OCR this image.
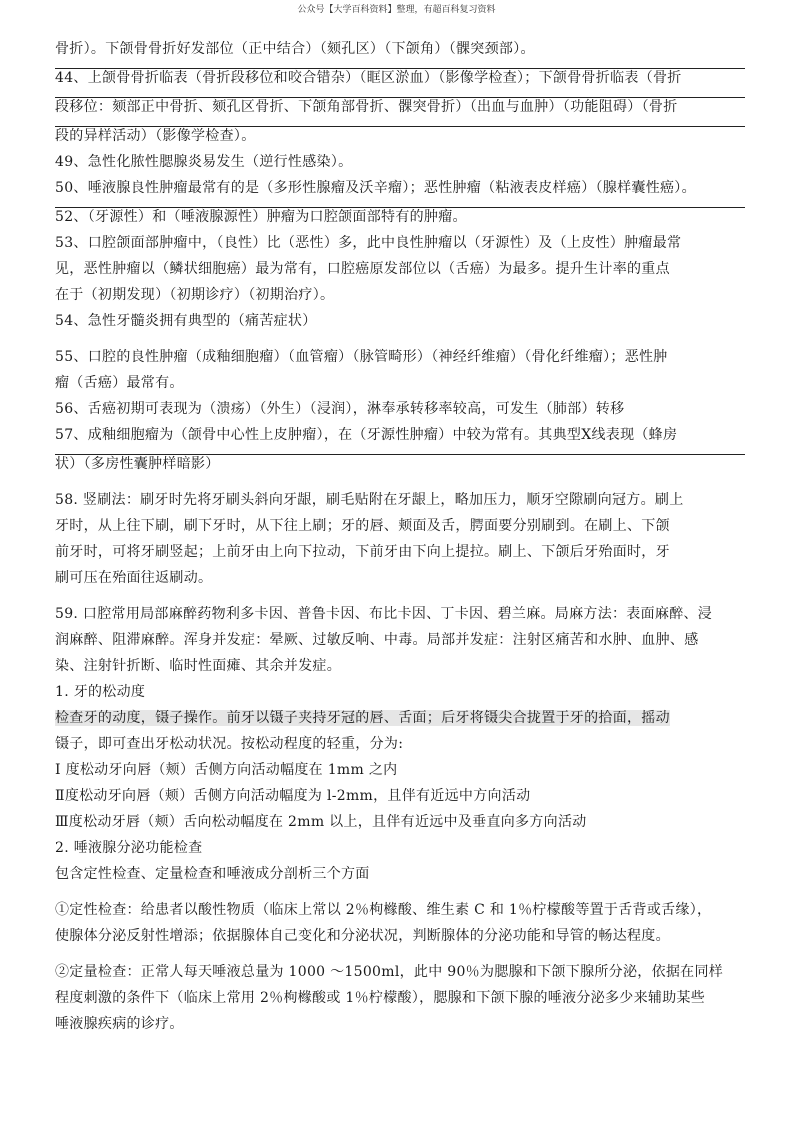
公众号【大学百科资料】整理，有超百科复习资料
骨折）。下颌骨骨折好发部位（正中结合）（颏孔区）（下颌角）（髁突颈部）。
44、上颌骨骨折临表（骨折段移位和咬合错杂）（眶区淤血）（影像学检查）；下颌骨骨折临表（骨折
段移位：颏部正中骨折、颏孔区骨折、下颌角部骨折、髁突骨折）（出血与血肿）（功能阻碍）（骨折
段的异样活动）（影像学检查）。
49、急性化脓性腮腺炎易发生（逆行性感染）。
50、唾液腺良性肿瘤最常有的是（多形性腺瘤及沃辛瘤）；恶性肿瘤（粘液表皮样癌）（腺样囊性癌）。
52、（牙源性）和（唾液腺源性）肿瘤为口腔颌面部特有的肿瘤。
53、口腔颌面部肿瘤中，（良性）比（恶性）多，此中良性肿瘤以（牙源性）及（上皮性）肿瘤最常
见，恶性肿瘤以（鳞状细胞癌）最为常有，口腔癌原发部位以（舌癌）为最多。提升生计率的重点
在于（初期发现）（初期诊疗）（初期治疗）。
54、急性牙髓炎拥有典型的（痛苦症状）
55、口腔的良性肿瘤（成釉细胞瘤）（血管瘤）（脉管畸形）（神经纤维瘤）（骨化纤维瘤）；恶性肿
瘤（舌癌）最常有。
56、舌癌初期可表现为（溃疡）（外生）（浸润），淋奉承转移率较高，可发生（肺部）转移
57、成釉细胞瘤为（颌骨中心性上皮肿瘤），在（牙源性肿瘤）中较为常有。其典型X线表现（蜂房
状）（多房性囊肿样暗影）
58. 竖刷法：刷牙时先将牙刷头斜向牙龈，刷毛贴附在牙龈上，略加压力，顺牙空隙刷向冠方。刷上
牙时，从上往下刷，刷下牙时，从下往上刷；牙的唇、颊面及舌，腭面要分别刷到。在刷上、下颌
前牙时，可将牙刷竖起；上前牙由上向下拉动，下前牙由下向上提拉。刷上、下颌后牙殆面时，牙
刷可压在殆面往返刷动。
59. 口腔常用局部麻醉药物利多卡因、普鲁卡因、布比卡因、丁卡因、碧兰麻。局麻方法：表面麻醉、浸
润麻醉、阻滞麻醉。浑身并发症：晕厥、过敏反响、中毒。局部并发症：注射区痛苦和水肿、血肿、感
染、注射针折断、临时性面瘫、其余并发症。
1. 牙的松动度
检查牙的动度，镊子操作。前牙以镊子夹持牙冠的唇、舌面；后牙将镊尖合拢置于牙的拾面，摇动
镊子，即可查出牙松动状况。按松动程度的轻重，分为:
I 度松动牙向唇（颊）舌侧方向活动幅度在 1mm 之内
Ⅱ度松动牙向唇（颊）舌侧方向活动幅度为 l-2mm，且伴有近远中方向活动
Ⅲ度松动牙唇（颊）舌向松动幅度在 2mm 以上，且伴有近远中及垂直向多方向活动
2. 唾液腺分泌功能检查
包含定性检查、定量检查和唾液成分剖析三个方面
①定性检查：给患者以酸性物质（临床上常以 2％枸橼酸、维生素 C 和 1％柠檬酸等置于舌背或舌缘），
使腺体分泌反射性增添；依据腺体自己变化和分泌状况，判断腺体的分泌功能和导管的畅达程度。
②定量检查：正常人每天唾液总量为 1000 ～1500ml，此中 90％为腮腺和下颌下腺所分泌，依据在同样
程度刺激的条件下（临床上常用 2％枸橼酸或 1％柠檬酸），腮腺和下颌下腺的唾液分泌多少来辅助某些
唾液腺疾病的诊疗。
